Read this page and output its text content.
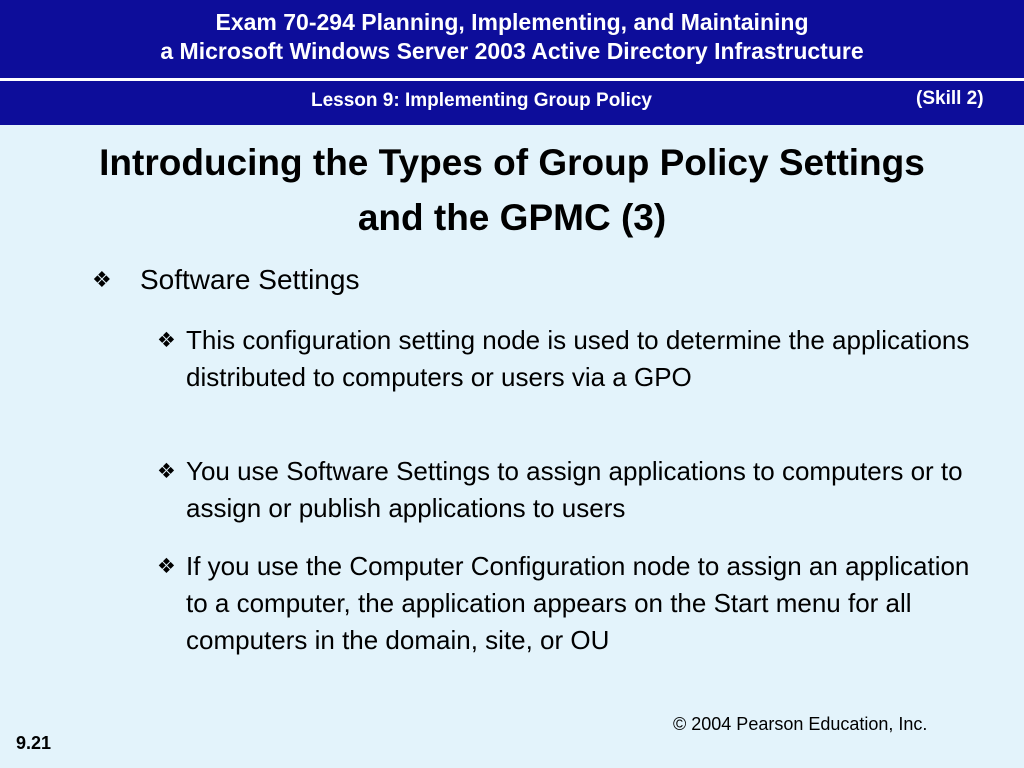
Exam 70-294 Planning, Implementing, and Maintaining
a Microsoft Windows Server 2003 Active Directory Infrastructure
Lesson 9: Implementing Group Policy	(Skill 2)
Introducing the Types of Group Policy Settings
and the GPMC (3)
❖ Software Settings
❖ This configuration setting node is used to determine the applications distributed to computers or users via a GPO
❖ You use Software Settings to assign applications to computers or to assign or publish applications to users
❖ If you use the Computer Configuration node to assign an application to a computer, the application appears on the Start menu for all computers in the domain, site, or OU
© 2004 Pearson Education, Inc.
9.21
